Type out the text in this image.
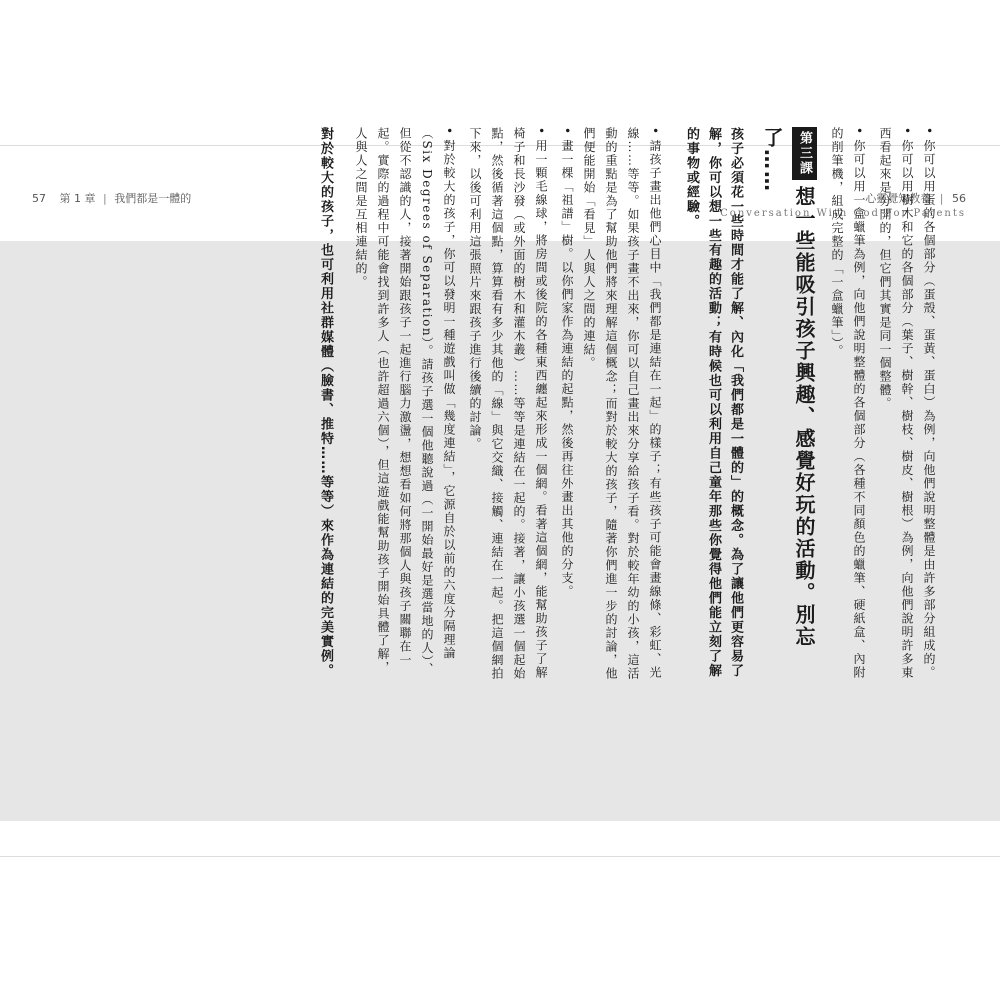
57 第 1 章 | 我們都是一體的	心靈覺知教養 | 56
Conversation With God For Parents

•你可以用蛋的各個部分（蛋殼、蛋黃、蛋白）為例，向他們說明整體是由許多部分組成的。

•你可以用樹木和它的各個部分（葉子、樹幹、樹枝、樹皮、樹根）為例，向他們說明許多東西看起來是分開的，但它們其實是同一個整體。

•你可以用一盒蠟筆為例，向他們說明整體的各個部分（各種不同顏色的蠟筆、硬紙盒、內附的削筆機，組成完整的「一盒蠟筆」）。

第三課想一些能吸引孩子興趣、感覺好玩的活動。別忘了……

孩子必須花一些時間才能了解、內化「我們都是一體的」的概念。為了讓他們更容易了解，你可以想一些有趣的活動；有時候也可以利用自己童年那些你覺得他們能立刻了解的事物或經驗。

•請孩子畫出他們心目中「我們都是連結在一起」的樣子；有些孩子可能會畫線條、彩虹、光線……等等。如果孩子畫不出來，你可以自己畫出來分享給孩子看。對於較年幼的小孩，這活動的重點是為了幫助他們將來理解這個概念；而對於較大的孩子，隨著你們進一步的討論，他們便能開始「看見」人與人之間的連結。

•畫一棵「祖譜」樹。以你們家作為連結的起點，然後再往外畫出其他的分支。

•用一顆毛線球，將房間或後院的各種東西纏起來形成一個網。看著這個網，能幫助孩子了解椅子和長沙發（或外面的樹木和灌木叢）……等等是連結在一起的。接著，讓小孩選一個起始點，然後循著這個點，算算看有多少其他的「線」與它交織、接觸、連結在一起。把這個網拍下來，以後可利用這張照片來跟孩子進行後續的討論。

•對於較大的孩子，你可以發明一種遊戲叫做「幾度連結」，它源自於以前的六度分隔理論（Six Degrees of Separation）。請孩子選一個他聽說過（一開始最好是選當地的人）、但從不認識的人，接著開始跟孩子一起進行腦力激盪，想想看如何將那個人與孩子關聯在一起。實際的過程中可能會找到許多人（也許超過六個），但這遊戲能幫助孩子開始具體了解，人與人之間是互相連結的。

對於較大的孩子，也可利用社群媒體（臉書、推特……等等）來作為連結的完美實例。
